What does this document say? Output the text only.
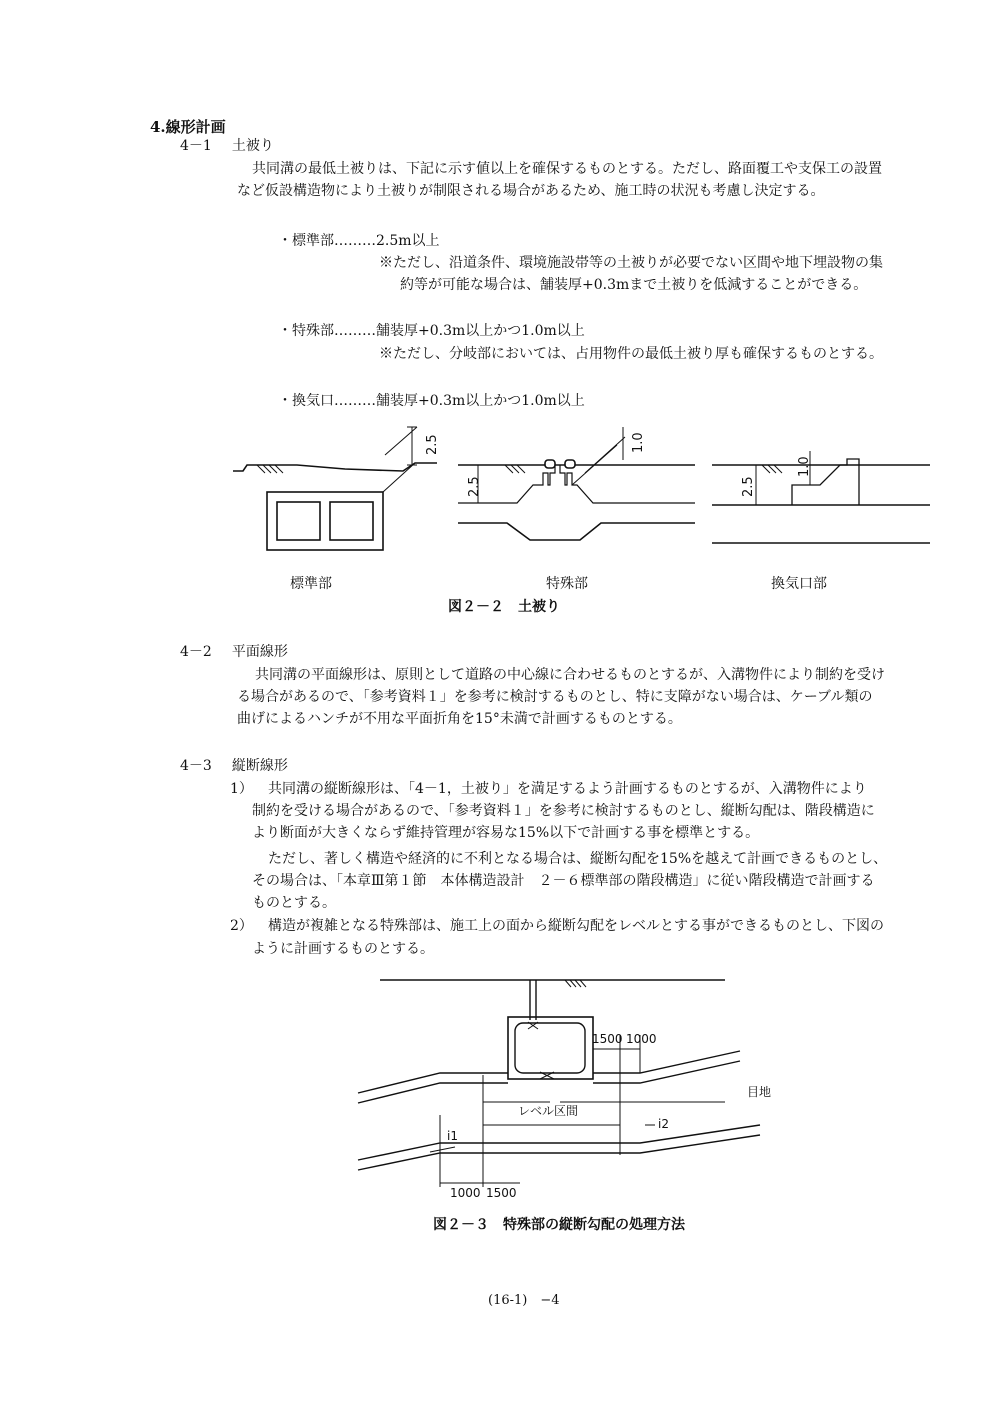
4.線形計画
4－1 土被り
共同溝の最低土被りは、下記に示す値以上を確保するものとする。ただし、路面覆工や支保工の設置
など仮設構造物により土被りが制限される場合があるため、施工時の状況も考慮し決定する。
・標準部………2.5m以上
※ただし、沿道条件、環境施設帯等の土被りが必要でない区間や地下埋設物の集
約等が可能な場合は、舗装厚+0.3mまで土被りを低減することができる。
・特殊部………舗装厚+0.3m以上かつ1.0m以上
※ただし、分岐部においては、占用物件の最低土被り厚も確保するものとする。
・換気口………舗装厚+0.3m以上かつ1.0m以上
2.5
2.5
1.0
2.5
1.0
標準部	特殊部	換気口部
図２－２　土被り
4－2 平面線形
共同溝の平面線形は、原則として道路の中心線に合わせるものとするが、入溝物件により制約を受け
る場合があるので、「参考資料１」を参考に検討するものとし、特に支障がない場合は、ケーブル類の
曲げによるハンチが不用な平面折角を15°未満で計画するものとする。
4－3 縦断線形
1） 共同溝の縦断線形は、「4－1，土被り」を満足するよう計画するものとするが、入溝物件により
制約を受ける場合があるので、「参考資料１」を参考に検討するものとし、縦断勾配は、階段構造に
より断面が大きくならず維持管理が容易な15%以下で計画する事を標準とする。
ただし、著しく構造や経済的に不利となる場合は、縦断勾配を15%を越えて計画できるものとし、
その場合は、「本章Ⅲ第１節　本体構造設計　２－６標準部の階段構造」に従い階段構造で計画する
ものとする。
2） 構造が複雑となる特殊部は、施工上の面から縦断勾配をレベルとする事ができるものとし、下図の
ように計画するものとする。
1500 1000
1000 1500
レベル区間
目地
i1
i2
図２－３　特殊部の縦断勾配の処理方法
(16-1)　−4
